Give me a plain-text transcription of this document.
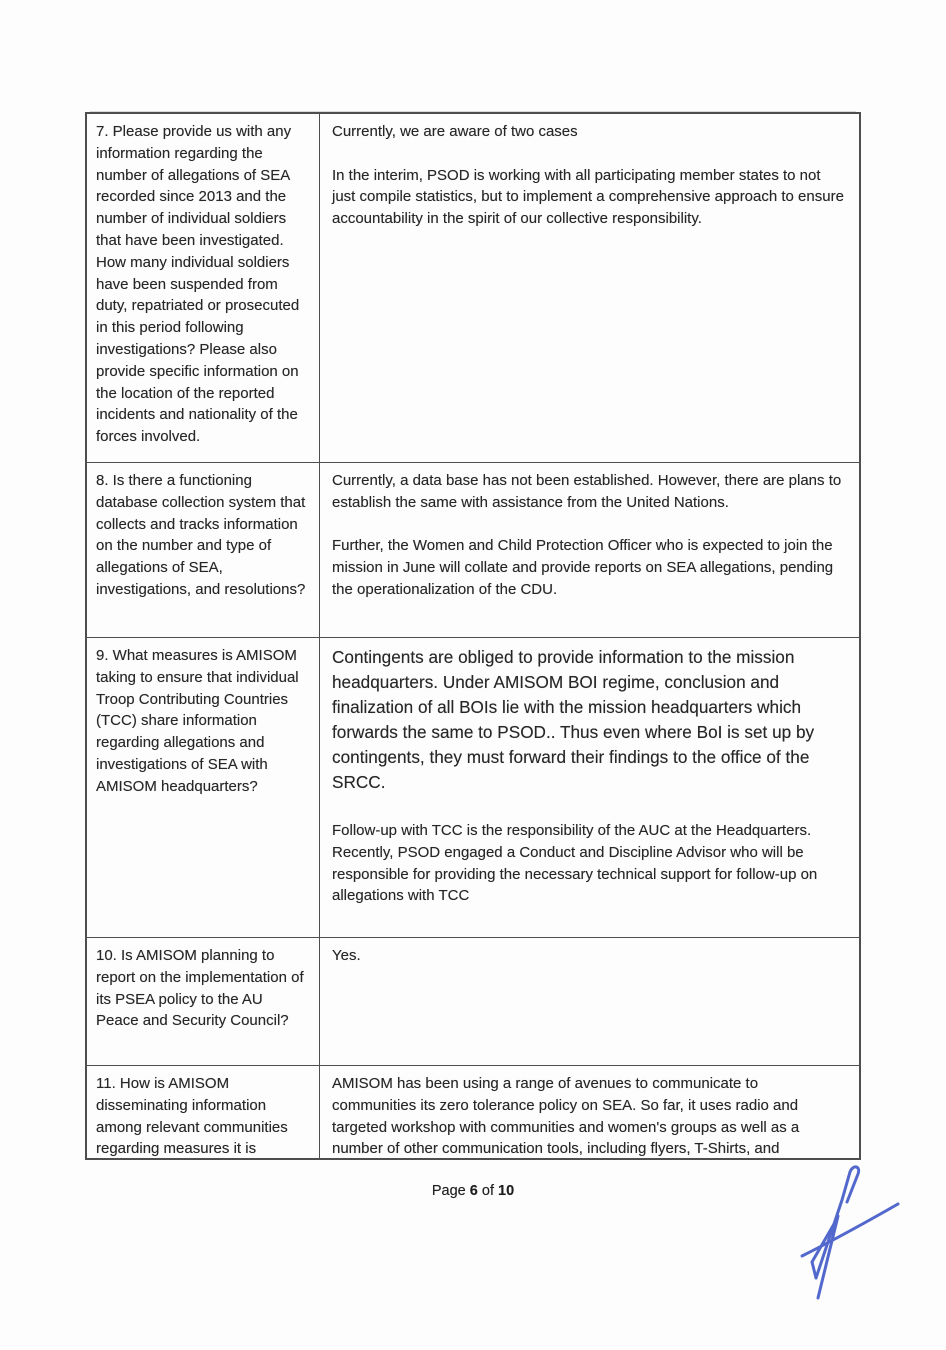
7. Please provide us with any information regarding the number of allegations of SEA recorded since 2013 and the number of individual soldiers that have been investigated. How many individual soldiers have been suspended from duty, repatriated or prosecuted in this period following investigations? Please also provide specific information on the location of the reported incidents and nationality of the forces involved.

Currently, we are aware of two cases

In the interim, PSOD is working with all participating member states to not just compile statistics, but to implement a comprehensive approach to ensure accountability in the spirit of our collective responsibility.

8. Is there a functioning database collection system that collects and tracks information on the number and type of allegations of SEA, investigations, and resolutions?

Currently, a data base has not been established. However, there are plans to establish the same with assistance from the United Nations.

Further, the Women and Child Protection Officer who is expected to join the mission in June will collate and provide reports on SEA allegations, pending the operationalization of the CDU.

9. What measures is AMISOM taking to ensure that individual Troop Contributing Countries (TCC) share information regarding allegations and investigations of SEA with AMISOM headquarters?

Contingents are obliged to provide information to the mission headquarters. Under AMISOM BOI regime, conclusion and finalization of all BOIs lie with the mission headquarters which forwards the same to PSOD.. Thus even where BoI is set up by contingents, they must forward their findings to the office of the SRCC.

Follow-up with TCC is the responsibility of the AUC at the Headquarters. Recently, PSOD engaged a Conduct and Discipline Advisor who will be responsible for providing the necessary technical support for follow-up on allegations with TCC

10. Is AMISOM planning to report on the implementation of its PSEA policy to the AU Peace and Security Council?

Yes.

11. How is AMISOM disseminating information among relevant communities regarding measures it is

AMISOM has been using a range of avenues to communicate to communities its zero tolerance policy on SEA. So far, it uses radio and targeted workshop with communities and women's groups as well as a number of other communication tools, including flyers, T-Shirts, and

Page 6 of 10
